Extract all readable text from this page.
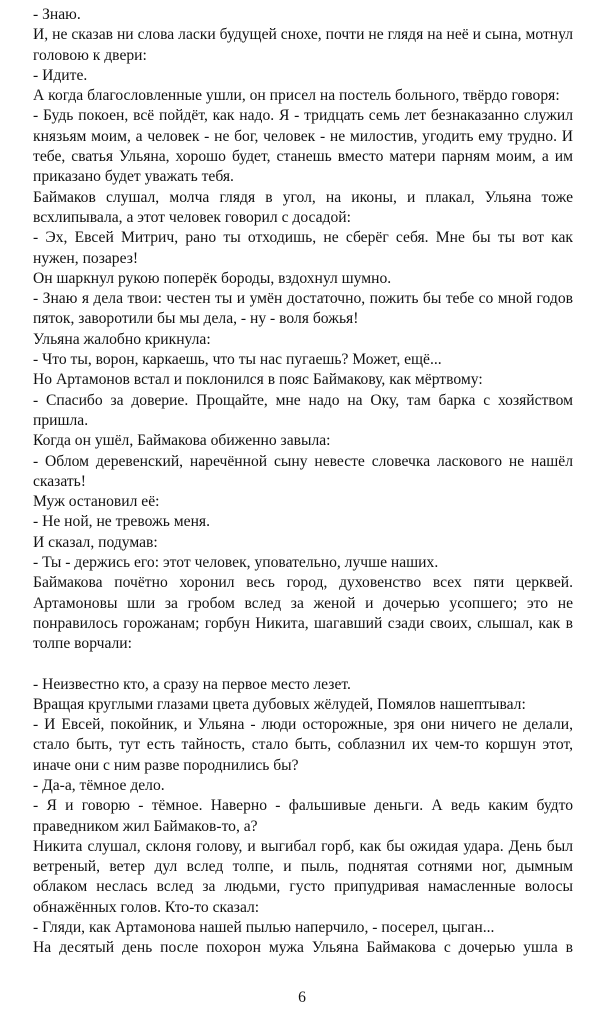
- Знаю.

И, не сказав ни слова ласки будущей снохе, почти не глядя на неё и сына, мотнул головою к двери:

- Идите.

А когда благословленные ушли, он присел на постель больного, твёрдо говоря:

- Будь покоен, всё пойдёт, как надо. Я - тридцать семь лет безнаказанно служил князьям моим, а человек - не бог, человек - не милостив, угодить ему трудно. И тебе, сватья Ульяна, хорошо будет, станешь вместо матери парням моим, а им приказано будет уважать тебя.

Баймаков слушал, молча глядя в угол, на иконы, и плакал, Ульяна тоже всхлипывала, а этот человек говорил с досадой:

- Эх, Евсей Митрич, рано ты отходишь, не сберёг себя. Мне бы ты вот как нужен, позарез!

Он шаркнул рукою поперёк бороды, вздохнул шумно.

- Знаю я дела твои: честен ты и умён достаточно, пожить бы тебе со мной годов пяток, заворотили бы мы дела, - ну - воля божья!

Ульяна жалобно крикнула:

- Что ты, ворон, каркаешь, что ты нас пугаешь? Может, ещё...

Но Артамонов встал и поклонился в пояс Баймакову, как мёртвому:

- Спасибо за доверие. Прощайте, мне надо на Оку, там барка с хозяйством пришла.

Когда он ушёл, Баймакова обиженно завыла:

- Облом деревенский, наречённой сыну невесте словечка ласкового не нашёл сказать!

Муж остановил её:

- Не ной, не тревожь меня.

И сказал, подумав:

- Ты - держись его: этот человек, уповательно, лучше наших.

Баймакова почётно хоронил весь город, духовенство всех пяти церквей. Артамоновы шли за гробом вслед за женой и дочерью усопшего; это не понравилось горожанам; горбун Никита, шагавший сзади своих, слышал, как в толпе ворчали:

- Неизвестно кто, а сразу на первое место лезет.

Вращая круглыми глазами цвета дубовых жёлудей, Помялов нашептывал:

- И Евсей, покойник, и Ульяна - люди осторожные, зря они ничего не делали, стало быть, тут есть тайность, стало быть, соблазнил их чем-то коршун этот, иначе они с ним разве породнились бы?

- Да-а, тёмное дело.

- Я и говорю - тёмное. Наверно - фальшивые деньги. А ведь каким будто праведником жил Баймаков-то, а?

Никита слушал, склоня голову, и выгибал горб, как бы ожидая удара. День был ветреный, ветер дул вслед толпе, и пыль, поднятая сотнями ног, дымным облаком неслась вслед за людьми, густо припудривая намасленные волосы обнажённых голов. Кто-то сказал:

- Гляди, как Артамонова нашей пылью наперчило, - посерел, цыган...

На десятый день после похорон мужа Ульяна Баймакова с дочерью ушла в

6
